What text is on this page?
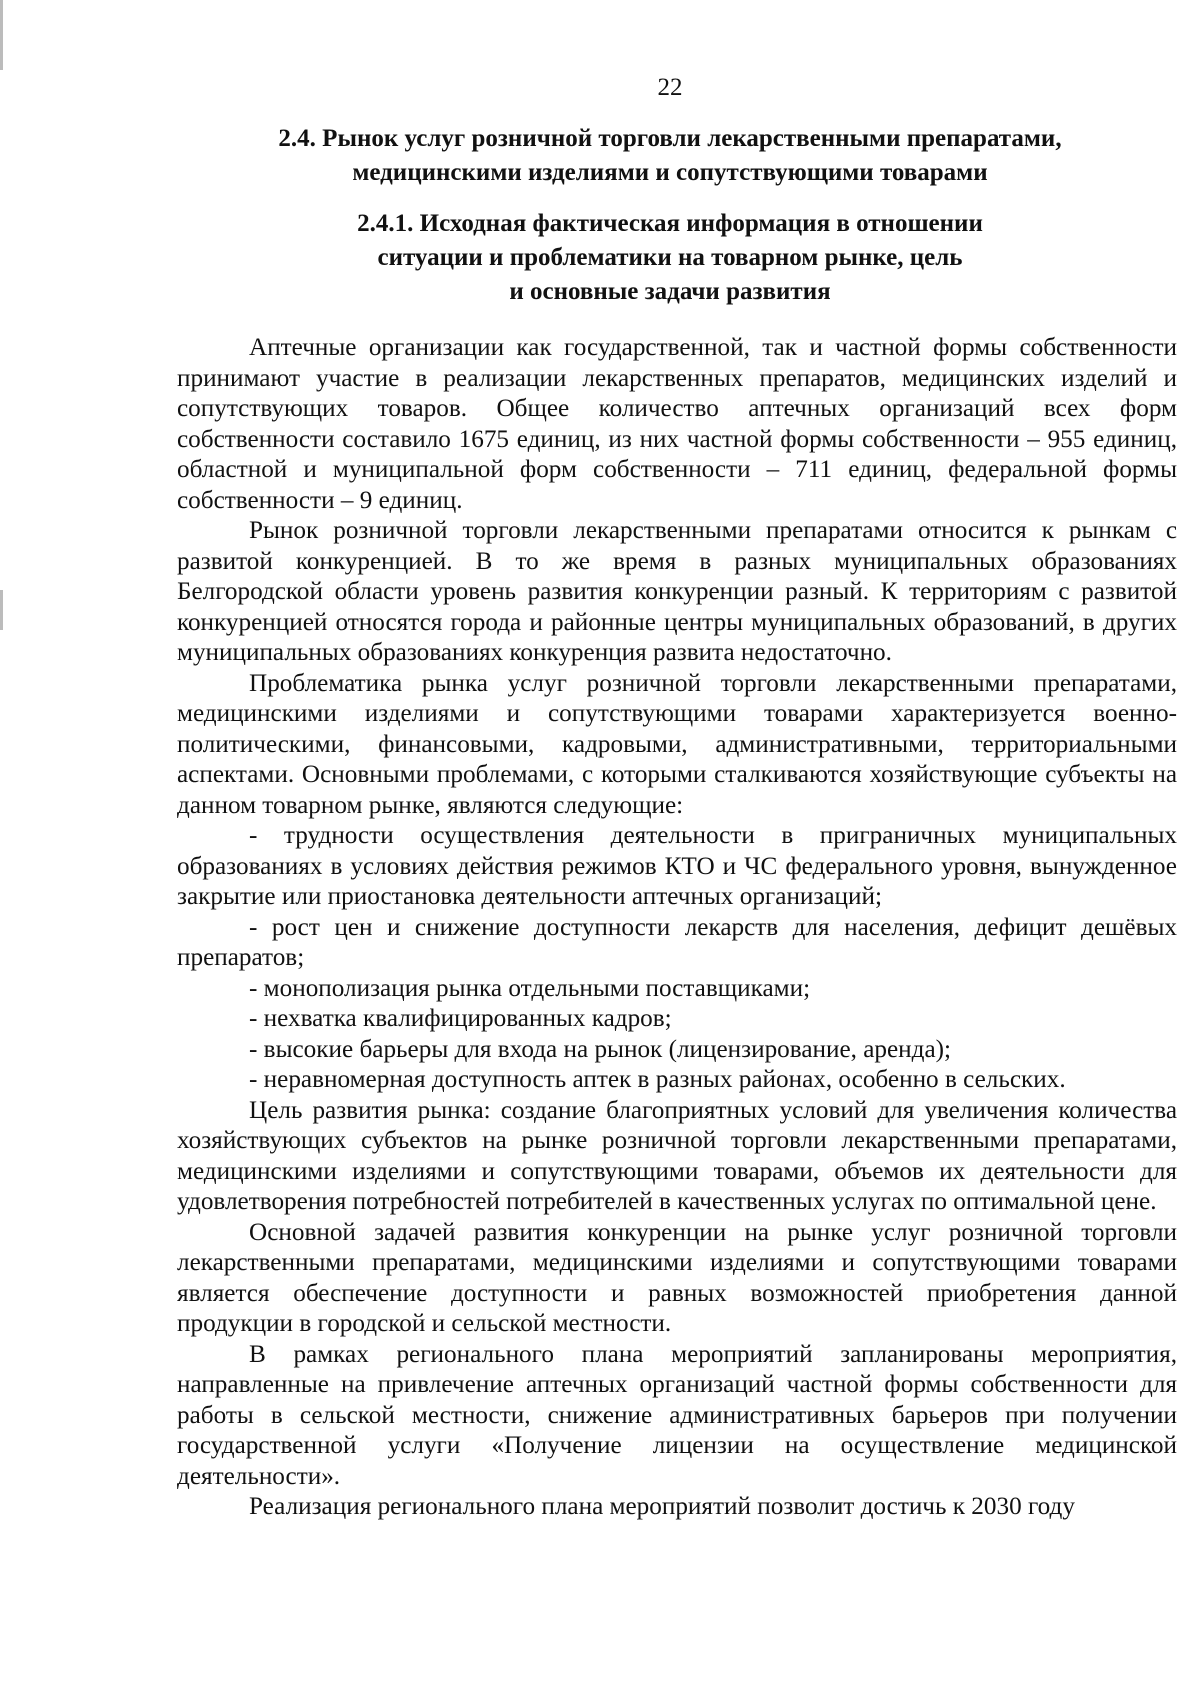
22
2.4. Рынок услуг розничной торговли лекарственными препаратами,
медицинскими изделиями и сопутствующими товарами
2.4.1. Исходная фактическая информация в отношении
ситуации и проблематики на товарном рынке, цель
и основные задачи развития

Аптечные организации как государственной, так и частной формы собственности принимают участие в реализации лекарственных препаратов, медицинских изделий и сопутствующих товаров. Общее количество аптечных организаций всех форм собственности составило 1675 единиц, из них частной формы собственности – 955 единиц, областной и муниципальной форм собственности – 711 единиц, федеральной формы собственности – 9 единиц.

Рынок розничной торговли лекарственными препаратами относится к рынкам с развитой конкуренцией. В то же время в разных муниципальных образованиях Белгородской области уровень развития конкуренции разный. К территориям с развитой конкуренцией относятся города и районные центры муниципальных образований, в других муниципальных образованиях конкуренция развита недостаточно.

Проблематика рынка услуг розничной торговли лекарственными препаратами, медицинскими изделиями и сопутствующими товарами характеризуется военно-политическими, финансовыми, кадровыми, административными, территориальными аспектами. Основными проблемами, с которыми сталкиваются хозяйствующие субъекты на данном товарном рынке, являются следующие:

- трудности осуществления деятельности в приграничных муниципальных образованиях в условиях действия режимов КТО и ЧС федерального уровня, вынужденное закрытие или приостановка деятельности аптечных организаций;

- рост цен и снижение доступности лекарств для населения, дефицит дешёвых препаратов;

- монополизация рынка отдельными поставщиками;

- нехватка квалифицированных кадров;

- высокие барьеры для входа на рынок (лицензирование, аренда);

- неравномерная доступность аптек в разных районах, особенно в сельских.

Цель развития рынка: создание благоприятных условий для увеличения количества хозяйствующих субъектов на рынке розничной торговли лекарственными препаратами, медицинскими изделиями и сопутствующими товарами, объемов их деятельности для удовлетворения потребностей потребителей в качественных услугах по оптимальной цене.

Основной задачей развития конкуренции на рынке услуг розничной торговли лекарственными препаратами, медицинскими изделиями и сопутствующими товарами является обеспечение доступности и равных возможностей приобретения данной продукции в городской и сельской местности.

В рамках регионального плана мероприятий запланированы мероприятия, направленные на привлечение аптечных организаций частной формы собственности для работы в сельской местности, снижение административных барьеров при получении государственной услуги «Получение лицензии на осуществление медицинской деятельности».

Реализация регионального плана мероприятий позволит достичь к 2030 году
